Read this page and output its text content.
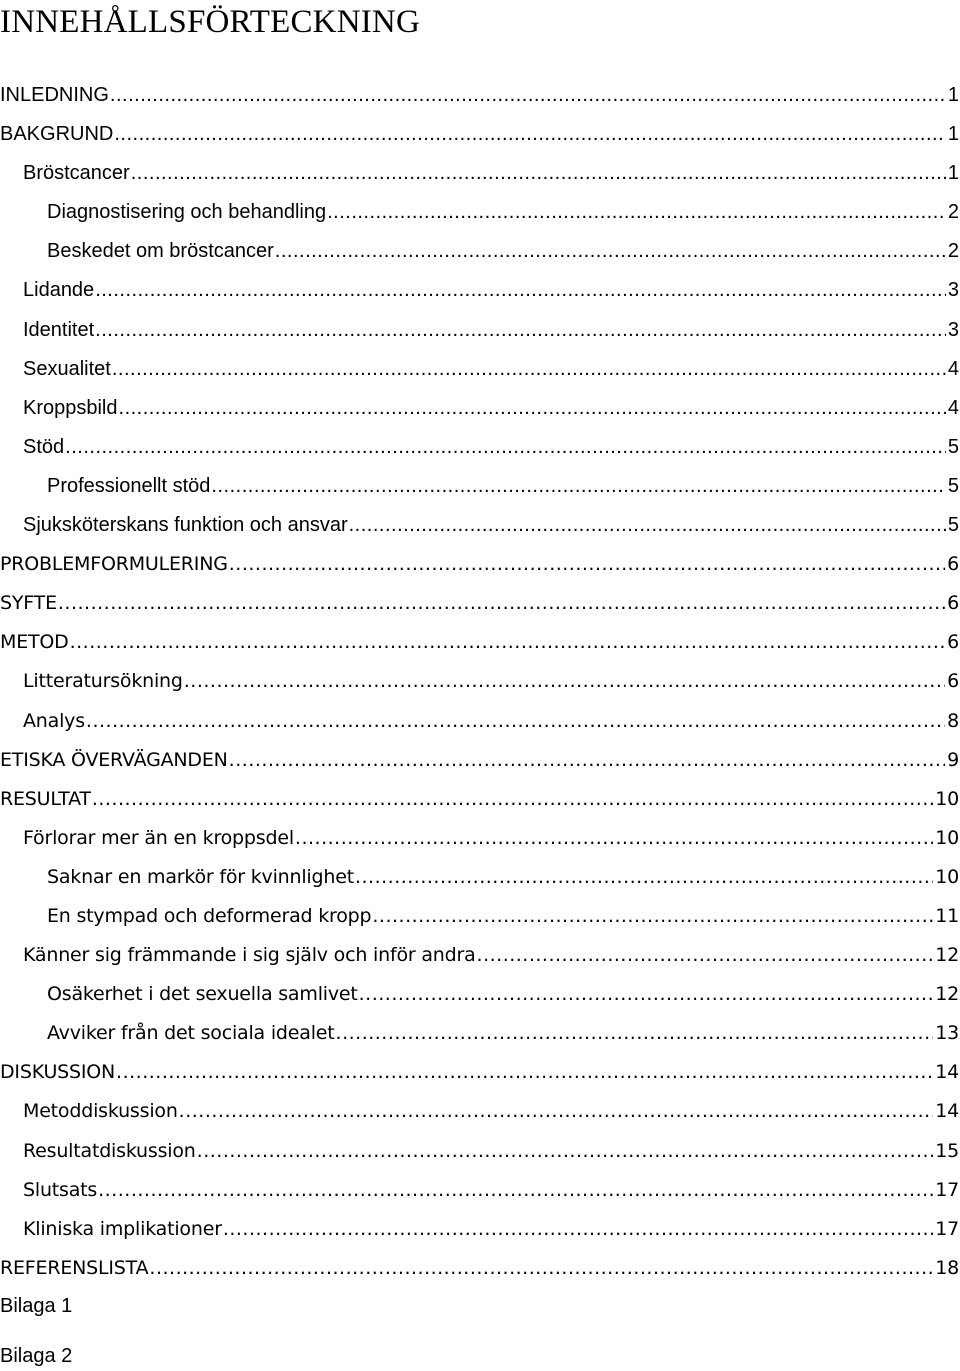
INNEHÅLLSFÖRTECKNING
INLEDNING .....	1
BAKGRUND .....	1
Bröstcancer .....	1
Diagnostisering och behandling .....	2
Beskedet om bröstcancer .....	2
Lidande .....	3
Identitet .....	3
Sexualitet .....	4
Kroppsbild .....	4
Stöd .....	5
Professionellt stöd .....	5
Sjuksköterskans funktion och ansvar .....	5
PROBLEMFORMULERING .....	6
SYFTE .....	6
METOD .....	6
Litteratursökning .....	6
Analys .....	8
ETISKA ÖVERVÄGANDEN .....	9
RESULTAT .....	10
Förlorar mer än en kroppsdel .....	10
Saknar en markör för kvinnlighet .....	10
En stympad och deformerad kropp .....	11
Känner sig främmande i sig själv och inför andra .....	12
Osäkerhet i det sexuella samlivet .....	12
Avviker från det sociala idealet .....	13
DISKUSSION .....	14
Metoddiskussion .....	14
Resultatdiskussion .....	15
Slutsats .....	17
Kliniska implikationer .....	17
REFERENSLISTA .....	18

Bilaga 1

Bilaga 2
